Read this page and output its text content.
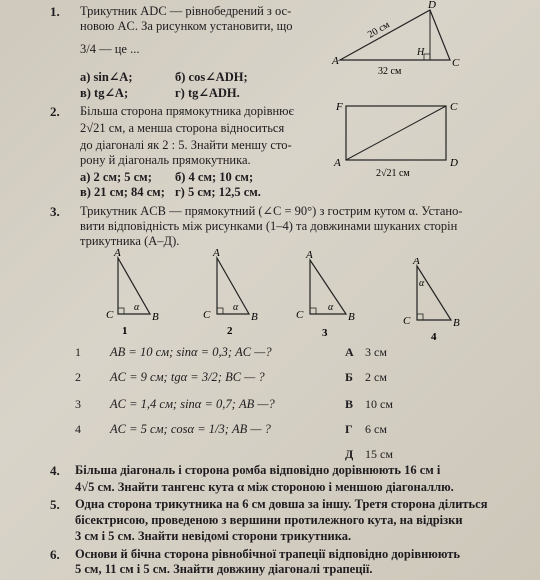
1. Трикутник ADC — рівнобедрений з ос-
новою AC. За рисунком установити, що
3/4 — це ...
а) sin∠A;	б) cos∠ADH;
в) tg∠A;	г) tg∠ADH.
D
A
H
C
20 см
32 см
2. Більша сторона прямокутника дорівнює
2√21 см, а менша сторона відноситься
до діагоналі як 2 : 5. Знайти меншу сто-
рону й діагональ прямокутника.
а) 2 см; 5 см; б) 4 см; 10 см;
в) 21 см; 84 см; г) 5 см; 12,5 см.
F	C
A	D
2√21 см
3. Трикутник ACB — прямокутний (∠C = 90°) з гострим кутом α. Устано-
вити відповідність між рисунками (1–4) та довжинами шуканих сторін
трикутника (А–Д).
A
C	B
α
1
A
C	B
α
2
A
C	B
α
3
A
C	B
α
4
1 AB = 10 см; sinα = 0,3; AC —?	А 3 см
2 AC = 9 см; tgα = 3/2; BC — ?	Б 2 см
3 AC = 1,4 см; sinα = 0,7; AB —?	В 10 см
4 AC = 5 см; cosα = 1/3; AB — ?	Г 6 см
Д 15 см
4. Більша діагональ і сторона ромба відповідно дорівнюють 16 см і
4√5 см. Знайти тангенс кута α між стороною і меншою діагоналлю.
5. Одна сторона трикутника на 6 см довша за іншу. Третя сторона ділиться
бісектрисою, проведеною з вершини протилежного кута, на відрізки
3 см і 5 см. Знайти невідомі сторони трикутника.
6. Основи й бічна сторона рівнобічної трапеції відповідно дорівнюють
5 см, 11 см і 5 см. Знайти довжину діагоналі трапеції.
